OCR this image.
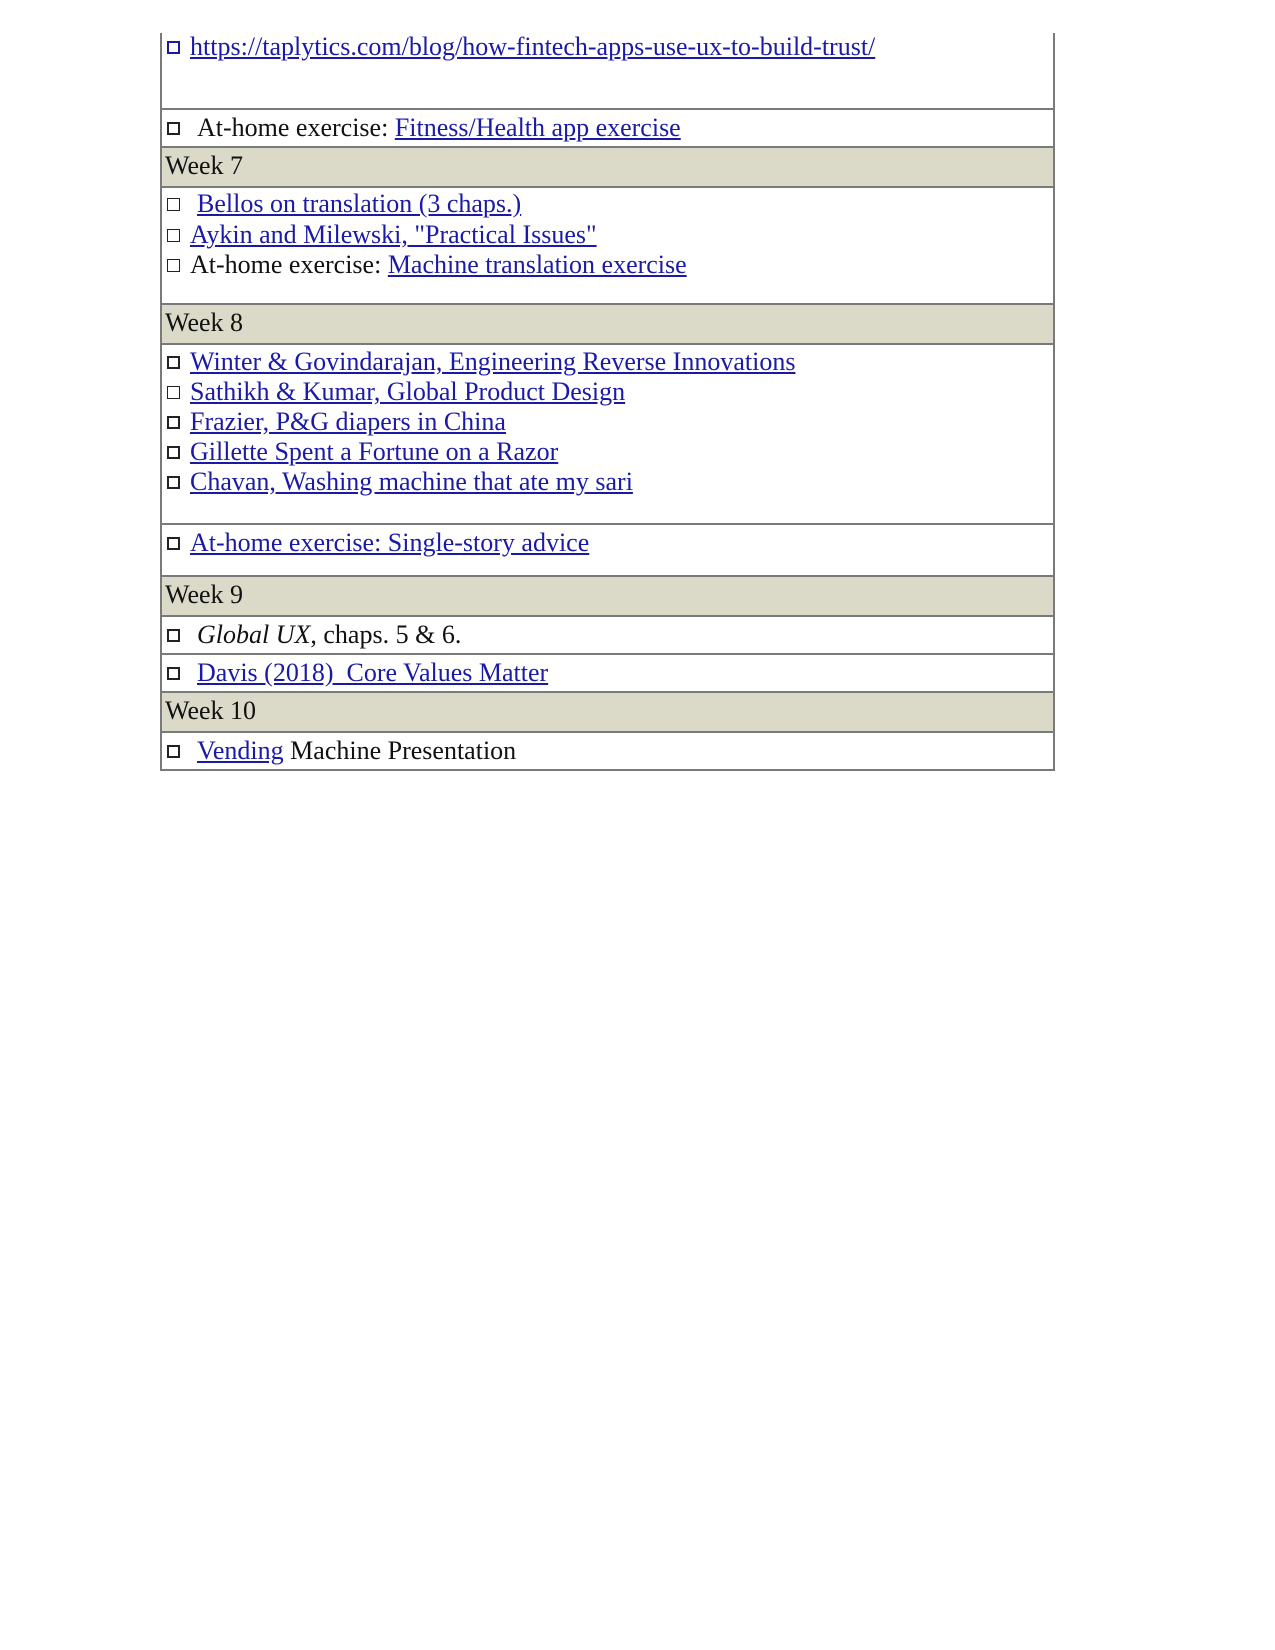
https://taplytics.com/blog/how-fintech-apps-use-ux-to-build-trust/
At-home exercise: Fitness/Health app exercise
Week 7
Bellos on translation (3 chaps.)
Aykin and Milewski, "Practical Issues"
At-home exercise: Machine translation exercise
Week 8
Winter & Govindarajan, Engineering Reverse Innovations
Sathikh & Kumar, Global Product Design
Frazier, P&G diapers in China
Gillette Spent a Fortune on a Razor
Chavan, Washing machine that ate my sari
At-home exercise: Single-story advice
Week 9
Global UX , chaps. 5 & 6.
Davis (2018)  Core Values Matter
Week 10
Vending Machine Presentation
